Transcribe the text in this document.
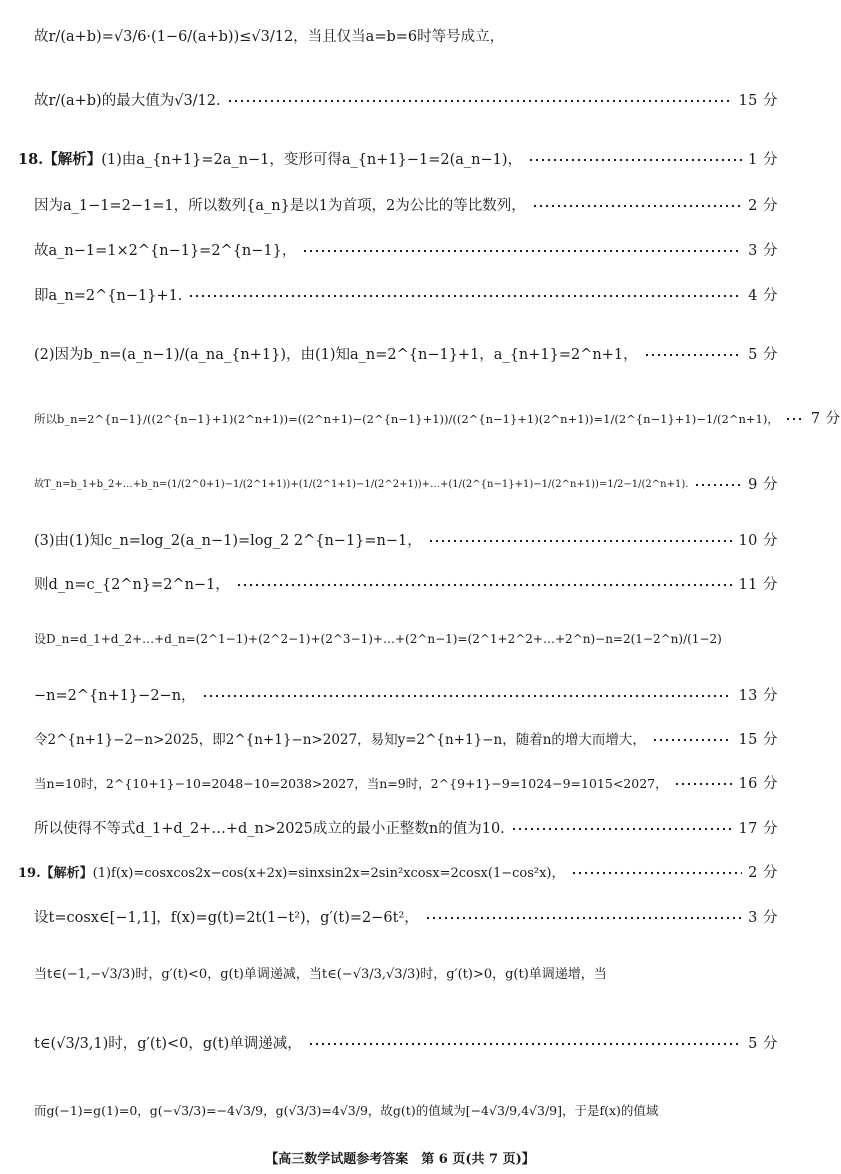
故r/(a+b)=√3/6·(1−6/(a+b))≤√3/12，当且仅当a=b=6时等号成立，
故r/(a+b)的最大值为√3/12.	15 分
18.【解析】 (1)由a_{n+1}=2a_n−1，变形可得a_{n+1}−1=2(a_n−1)，	1 分
因为a_1−1=2−1=1，所以数列{a_n}是以1为首项，2为公比的等比数列，	2 分
故a_n−1=1×2^{n−1}=2^{n−1}，	3 分
即a_n=2^{n−1}+1.	4 分
(2)因为b_n=(a_n−1)/(a_na_{n+1})，由(1)知a_n=2^{n−1}+1，a_{n+1}=2^n+1，	5 分
所以b_n=2^{n−1}/((2^{n−1}+1)(2^n+1))=((2^n+1)−(2^{n−1}+1))/((2^{n−1}+1)(2^n+1))=1/(2^{n−1}+1)−1/(2^n+1)， 7 分
故T_n=b_1+b_2+…+b_n=(1/(2^0+1)−1/(2^1+1))+(1/(2^1+1)−1/(2^2+1))+…+(1/(2^{n−1}+1)−1/(2^n+1))=1/2−1/(2^n+1).	9 分
(3)由(1)知c_n=log_2(a_n−1)=log_2 2^{n−1}=n−1，	10 分
则d_n=c_{2^n}=2^n−1，	11 分
设D_n=d_1+d_2+…+d_n=(2^1−1)+(2^2−1)+(2^3−1)+…+(2^n−1)=(2^1+2^2+…+2^n)−n=2(1−2^n)/(1−2)
−n=2^{n+1}−2−n，	13 分
令2^{n+1}−2−n>2025，即2^{n+1}−n>2027，易知y=2^{n+1}−n，随着n的增大而增大，	15 分
当n=10时，2^{10+1}−10=2048−10=2038>2027，当n=9时，2^{9+1}−9=1024−9=1015<2027，	16 分
所以使得不等式d_1+d_2+…+d_n>2025成立的最小正整数n的值为10.	17 分
19.【解析】 (1)f(x)=cosxcos2x−cos(x+2x)=sinxsin2x=2sin²xcosx=2cosx(1−cos²x)，	2 分
设t=cosx∈[−1,1]，f(x)=g(t)=2t(1−t²)，g′(t)=2−6t²，	3 分
当t∈(−1,−√3/3)时，g′(t)<0，g(t)单调递减，当t∈(−√3/3,√3/3)时，g′(t)>0，g(t)单调递增，当
t∈(√3/3,1)时，g′(t)<0，g(t)单调递减，	5 分
而g(−1)=g(1)=0，g(−√3/3)=−4√3/9，g(√3/3)=4√3/9，故g(t)的值域为[−4√3/9,4√3/9]，于是f(x)的值域
【高三数学试题参考答案　第 6 页(共 7 页)】
